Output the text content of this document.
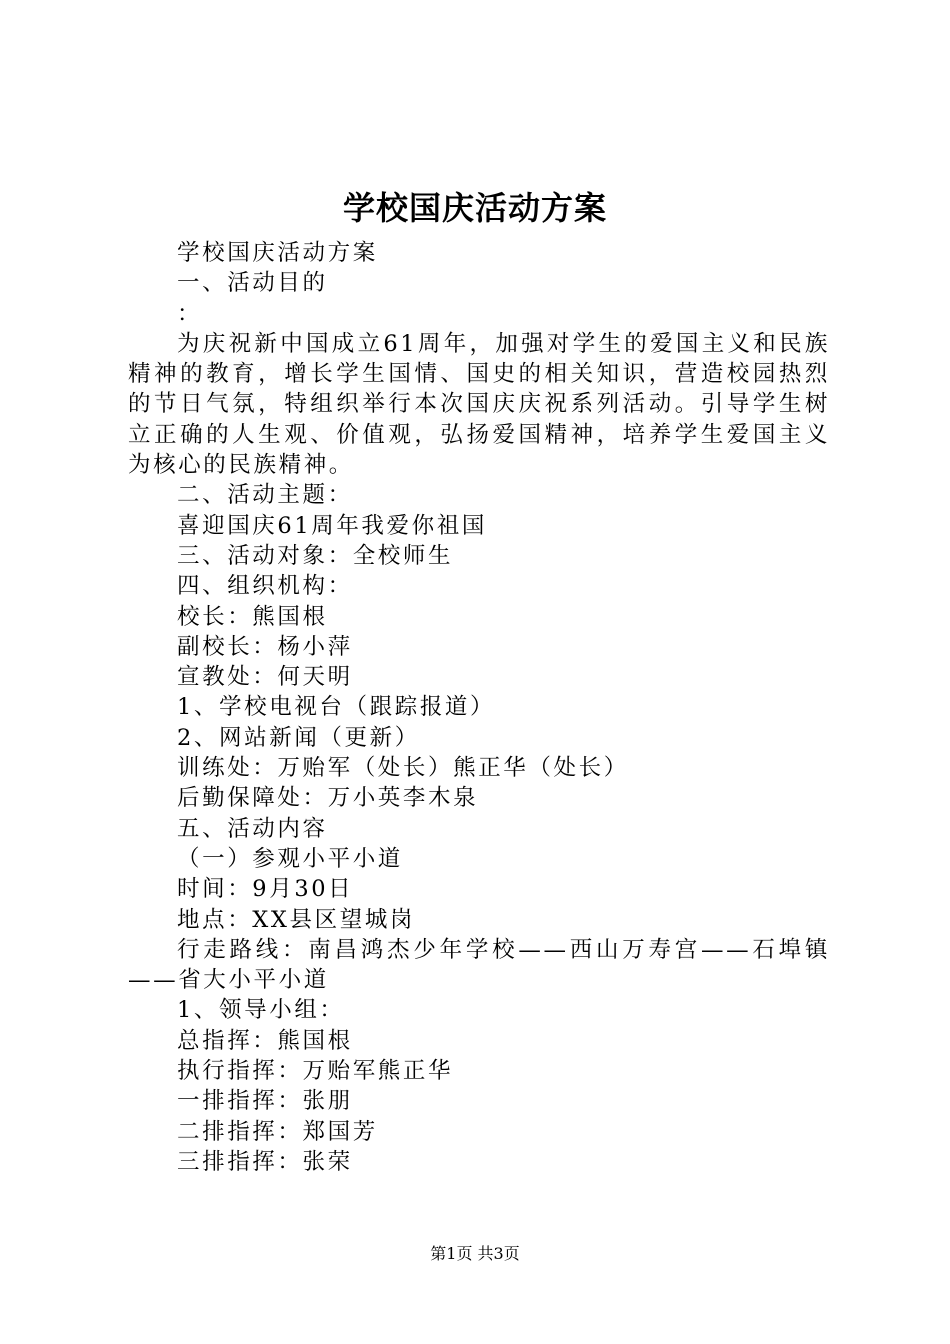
学校国庆活动方案

学校国庆活动方案

一、活动目的

：

为庆祝新中国成立61周年，加强对学生的爱国主义和民族精神的教育，增长学生国情、国史的相关知识，营造校园热烈的节日气氛，特组织举行本次国庆庆祝系列活动。引导学生树立正确的人生观、价值观，弘扬爱国精神，培养学生爱国主义为核心的民族精神。

二、活动主题：

喜迎国庆61周年我爱你祖国

三、活动对象：全校师生

四、组织机构：

校长：熊国根

副校长：杨小萍

宣教处：何天明

1、学校电视台（跟踪报道）

2、网站新闻（更新）

训练处：万贻军（处长）熊正华（处长）

后勤保障处：万小英李木泉

五、活动内容

（一）参观小平小道

时间：9月30日

地点：XX县区望城岗

行走路线：南昌鸿杰少年学校——西山万寿宫——石埠镇——省大小平小道

1、领导小组：

总指挥：熊国根

执行指挥：万贻军熊正华

一排指挥：张朋

二排指挥：郑国芳

三排指挥：张荣

第1页 共3页
